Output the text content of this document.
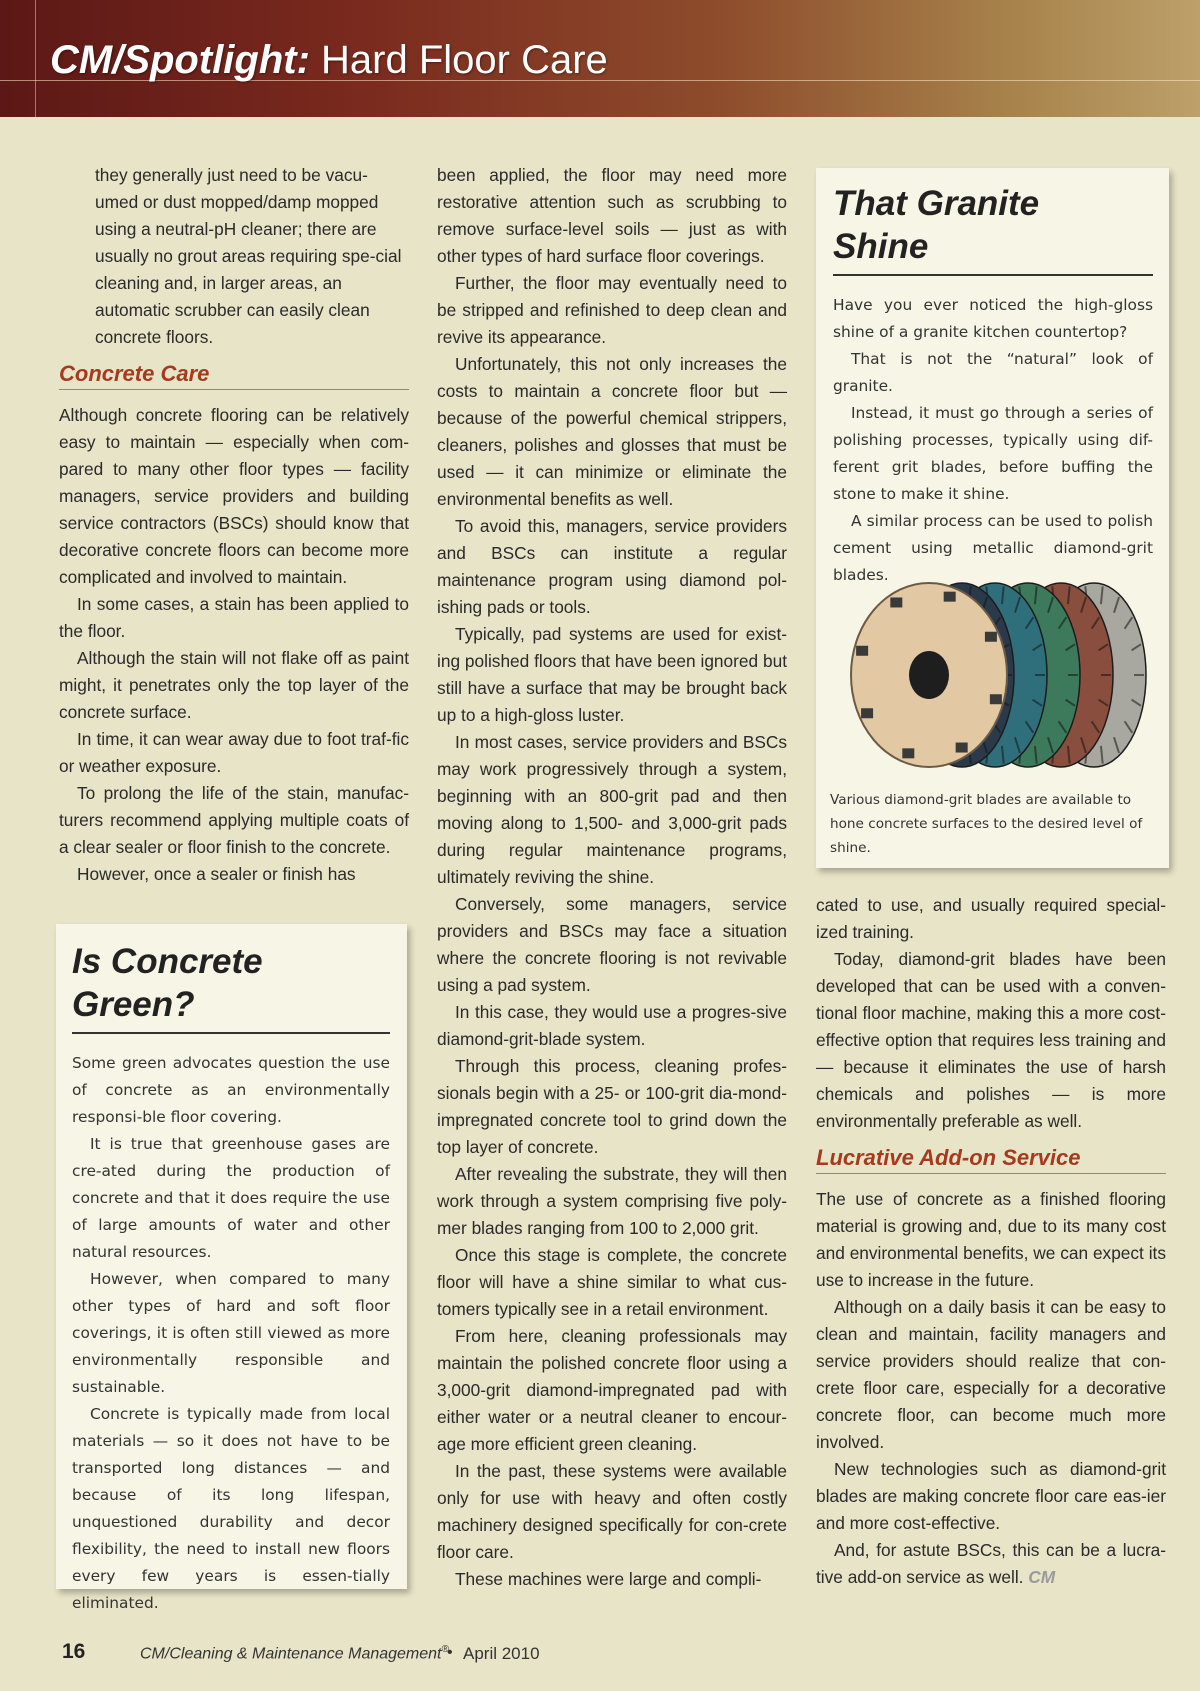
CM/Spotlight: Hard Floor Care

they generally just need to be vacu-umed or dust mopped/damp mopped using a neutral-pH cleaner; there are usually no grout areas requiring spe-cial cleaning and, in larger areas, an automatic scrubber can easily clean concrete floors.

Concrete Care

Although concrete flooring can be relatively easy to maintain — especially when com-pared to many other floor types — facility managers, service providers and building service contractors (BSCs) should know that decorative concrete floors can become more complicated and involved to maintain.

In some cases, a stain has been applied to the floor.

Although the stain will not flake off as paint might, it penetrates only the top layer of the concrete surface.

In time, it can wear away due to foot traf-fic or weather exposure.

To prolong the life of the stain, manufac-turers recommend applying multiple coats of a clear sealer or floor finish to the concrete.

However, once a sealer or finish has

Is Concrete
Green?

Some green advocates question the use of concrete as an environmentally responsi-ble floor covering.

It is true that greenhouse gases are cre-ated during the production of concrete and that it does require the use of large amounts of water and other natural resources.

However, when compared to many other types of hard and soft floor coverings, it is often still viewed as more environmentally responsible and sustainable.

Concrete is typically made from local materials — so it does not have to be transported long distances — and because of its long lifespan, unquestioned durability and decor flexibility, the need to install new floors every few years is essen-tially eliminated.

been applied, the floor may need more restorative attention such as scrubbing to remove surface-level soils — just as with other types of hard surface floor coverings.

Further, the floor may eventually need to be stripped and refinished to deep clean and revive its appearance.

Unfortunately, this not only increases the costs to maintain a concrete floor but — because of the powerful chemical strippers, cleaners, polishes and glosses that must be used — it can minimize or eliminate the environmental benefits as well.

To avoid this, managers, service providers and BSCs can institute a regular maintenance program using diamond pol-ishing pads or tools.

Typically, pad systems are used for exist-ing polished floors that have been ignored but still have a surface that may be brought back up to a high-gloss luster.

In most cases, service providers and BSCs may work progressively through a system, beginning with an 800-grit pad and then moving along to 1,500- and 3,000-grit pads during regular maintenance programs, ultimately reviving the shine.

Conversely, some managers, service providers and BSCs may face a situation where the concrete flooring is not revivable using a pad system.

In this case, they would use a progres-sive diamond-grit-blade system.

Through this process, cleaning profes-sionals begin with a 25- or 100-grit dia-mond-impregnated concrete tool to grind down the top layer of concrete.

After revealing the substrate, they will then work through a system comprising five poly-mer blades ranging from 100 to 2,000 grit.

Once this stage is complete, the concrete floor will have a shine similar to what cus-tomers typically see in a retail environment.

From here, cleaning professionals may maintain the polished concrete floor using a 3,000-grit diamond-impregnated pad with either water or a neutral cleaner to encour-age more efficient green cleaning.

In the past, these systems were available only for use with heavy and often costly machinery designed specifically for con-crete floor care.

These machines were large and compli-

That Granite
Shine

Have you ever noticed the high-gloss shine of a granite kitchen countertop?

That is not the “natural” look of granite.

Instead, it must go through a series of polishing processes, typically using dif-ferent grit blades, before buffing the stone to make it shine.

A similar process can be used to polish cement using metallic diamond-grit blades.

Various diamond-grit blades are available to hone concrete surfaces to the desired level of shine.

cated to use, and usually required special-ized training.

Today, diamond-grit blades have been developed that can be used with a conven-tional floor machine, making this a more cost-effective option that requires less training and — because it eliminates the use of harsh chemicals and polishes — is more environmentally preferable as well.

Lucrative Add-on Service

The use of concrete as a finished flooring material is growing and, due to its many cost and environmental benefits, we can expect its use to increase in the future.

Although on a daily basis it can be easy to clean and maintain, facility managers and service providers should realize that con-crete floor care, especially for a decorative concrete floor, can become much more involved.

New technologies such as diamond-grit blades are making concrete floor care eas-ier and more cost-effective.

And, for astute BSCs, this can be a lucra-tive add-on service as well. CM

16	CM/Cleaning & Maintenance Management®
• April 2010
